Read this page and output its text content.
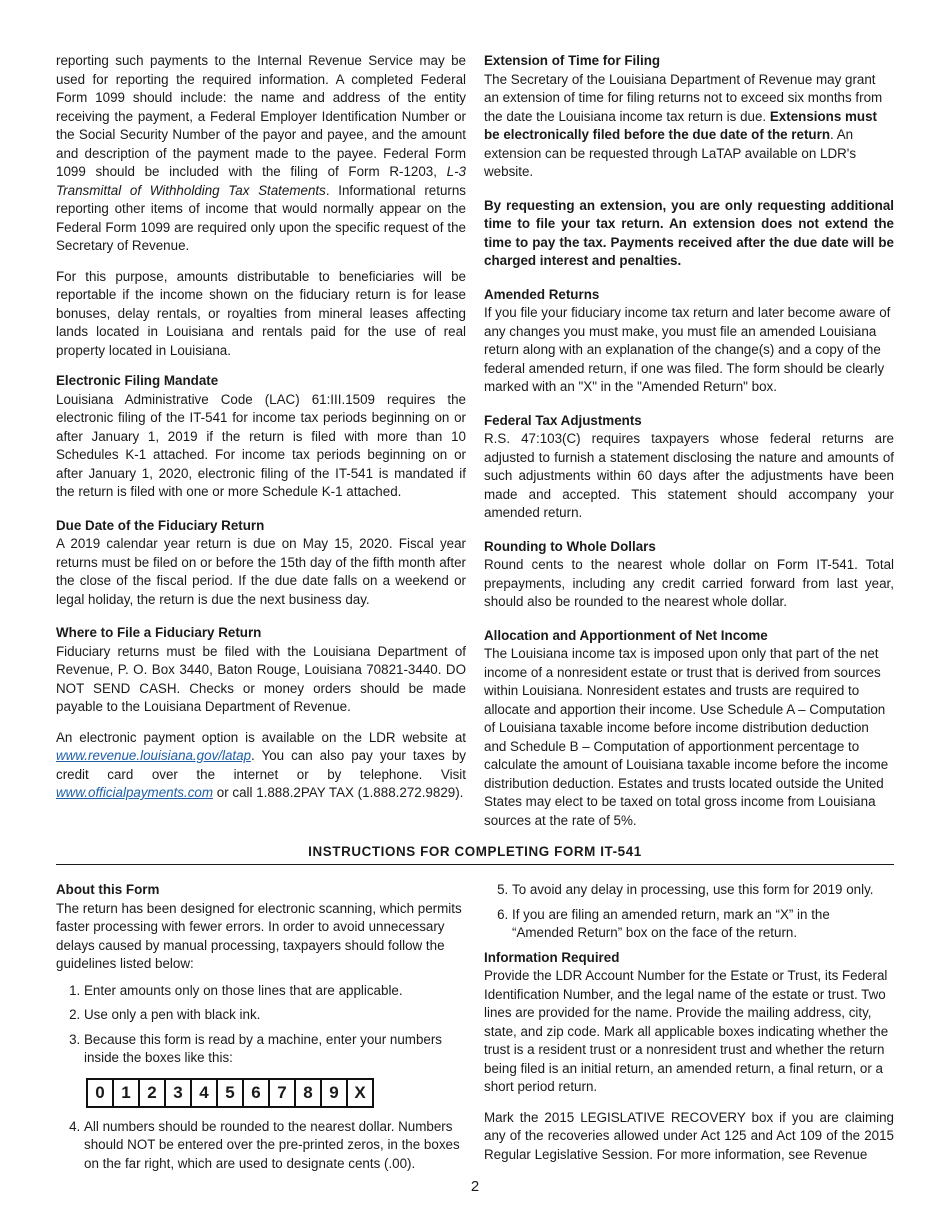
reporting such payments to the Internal Revenue Service may be used for reporting the required information. A completed Federal Form 1099 should include: the name and address of the entity receiving the payment, a Federal Employer Identification Number or the Social Security Number of the payor and payee, and the amount and description of the payment made to the payee. Federal Form 1099 should be included with the filing of Form R-1203, L-3 Transmittal of Withholding Tax Statements. Informational returns reporting other items of income that would normally appear on the Federal Form 1099 are required only upon the specific request of the Secretary of Revenue.

For this purpose, amounts distributable to beneficiaries will be reportable if the income shown on the fiduciary return is for lease bonuses, delay rentals, or royalties from mineral leases affecting lands located in Louisiana and rentals paid for the use of real property located in Louisiana.

Electronic Filing Mandate

Louisiana Administrative Code (LAC) 61:III.1509 requires the electronic filing of the IT-541 for income tax periods beginning on or after January 1, 2019 if the return is filed with more than 10 Schedules K-1 attached. For income tax periods beginning on or after January 1, 2020, electronic filing of the IT-541 is mandated if the return is filed with one or more Schedule K-1 attached.

Due Date of the Fiduciary Return

A 2019 calendar year return is due on May 15, 2020. Fiscal year returns must be filed on or before the 15th day of the fifth month after the close of the fiscal period. If the due date falls on a weekend or legal holiday, the return is due the next business day.

Where to File a Fiduciary Return

Fiduciary returns must be filed with the Louisiana Department of Revenue, P. O. Box 3440, Baton Rouge, Louisiana 70821-3440. DO NOT SEND CASH. Checks or money orders should be made payable to the Louisiana Department of Revenue.

An electronic payment option is available on the LDR website at www.revenue.louisiana.gov/latap. You can also pay your taxes by credit card over the internet or by telephone. Visit www.officialpayments.com or call 1.888.2PAY TAX (1.888.272.9829).

Extension of Time for Filing

The Secretary of the Louisiana Department of Revenue may grant an extension of time for filing returns not to exceed six months from the date the Louisiana income tax return is due. Extensions must be electronically filed before the due date of the return. An extension can be requested through LaTAP available on LDR's website.

By requesting an extension, you are only requesting additional time to file your tax return. An extension does not extend the time to pay the tax. Payments received after the due date will be charged interest and penalties.

Amended Returns

If you file your fiduciary income tax return and later become aware of any changes you must make, you must file an amended Louisiana return along with an explanation of the change(s) and a copy of the federal amended return, if one was filed. The form should be clearly marked with an "X" in the "Amended Return" box.

Federal Tax Adjustments

R.S. 47:103(C) requires taxpayers whose federal returns are adjusted to furnish a statement disclosing the nature and amounts of such adjustments within 60 days after the adjustments have been made and accepted. This statement should accompany your amended return.

Rounding to Whole Dollars

Round cents to the nearest whole dollar on Form IT-541. Total prepayments, including any credit carried forward from last year, should also be rounded to the nearest whole dollar.

Allocation and Apportionment of Net Income

The Louisiana income tax is imposed upon only that part of the net income of a nonresident estate or trust that is derived from sources within Louisiana. Nonresident estates and trusts are required to allocate and apportion their income. Use Schedule A – Computation of Louisiana taxable income before income distribution deduction and Schedule B – Computation of apportionment percentage to calculate the amount of Louisiana taxable income before the income distribution deduction. Estates and trusts located outside the United States may elect to be taxed on total gross income from Louisiana sources at the rate of 5%.

INSTRUCTIONS FOR COMPLETING FORM IT-541
About this Form

The return has been designed for electronic scanning, which permits faster processing with fewer errors. In order to avoid unnecessary delays caused by manual processing, taxpayers should follow the guidelines listed below:

1. Enter amounts only on those lines that are applicable.
2. Use only a pen with black ink.
3. Because this form is read by a machine, enter your numbers inside the boxes like this:
0 1 2 3 4 5 6 7 8 9 X
4. All numbers should be rounded to the nearest dollar. Numbers should NOT be entered over the pre-printed zeros, in the boxes on the far right, which are used to designate cents (.00).
5. To avoid any delay in processing, use this form for 2019 only.
6. If you are filing an amended return, mark an “X” in the “Amended Return” box on the face of the return.
Information Required

Provide the LDR Account Number for the Estate or Trust, its Federal Identification Number, and the legal name of the estate or trust. Two lines are provided for the name. Provide the mailing address, city, state, and zip code. Mark all applicable boxes indicating whether the trust is a resident trust or a nonresident trust and whether the return being filed is an initial return, an amended return, a final return, or a short period return.

Mark the 2015 LEGISLATIVE RECOVERY box if you are claiming any of the recoveries allowed under Act 125 and Act 109 of the 2015 Regular Legislative Session. For more information, see Revenue

2
